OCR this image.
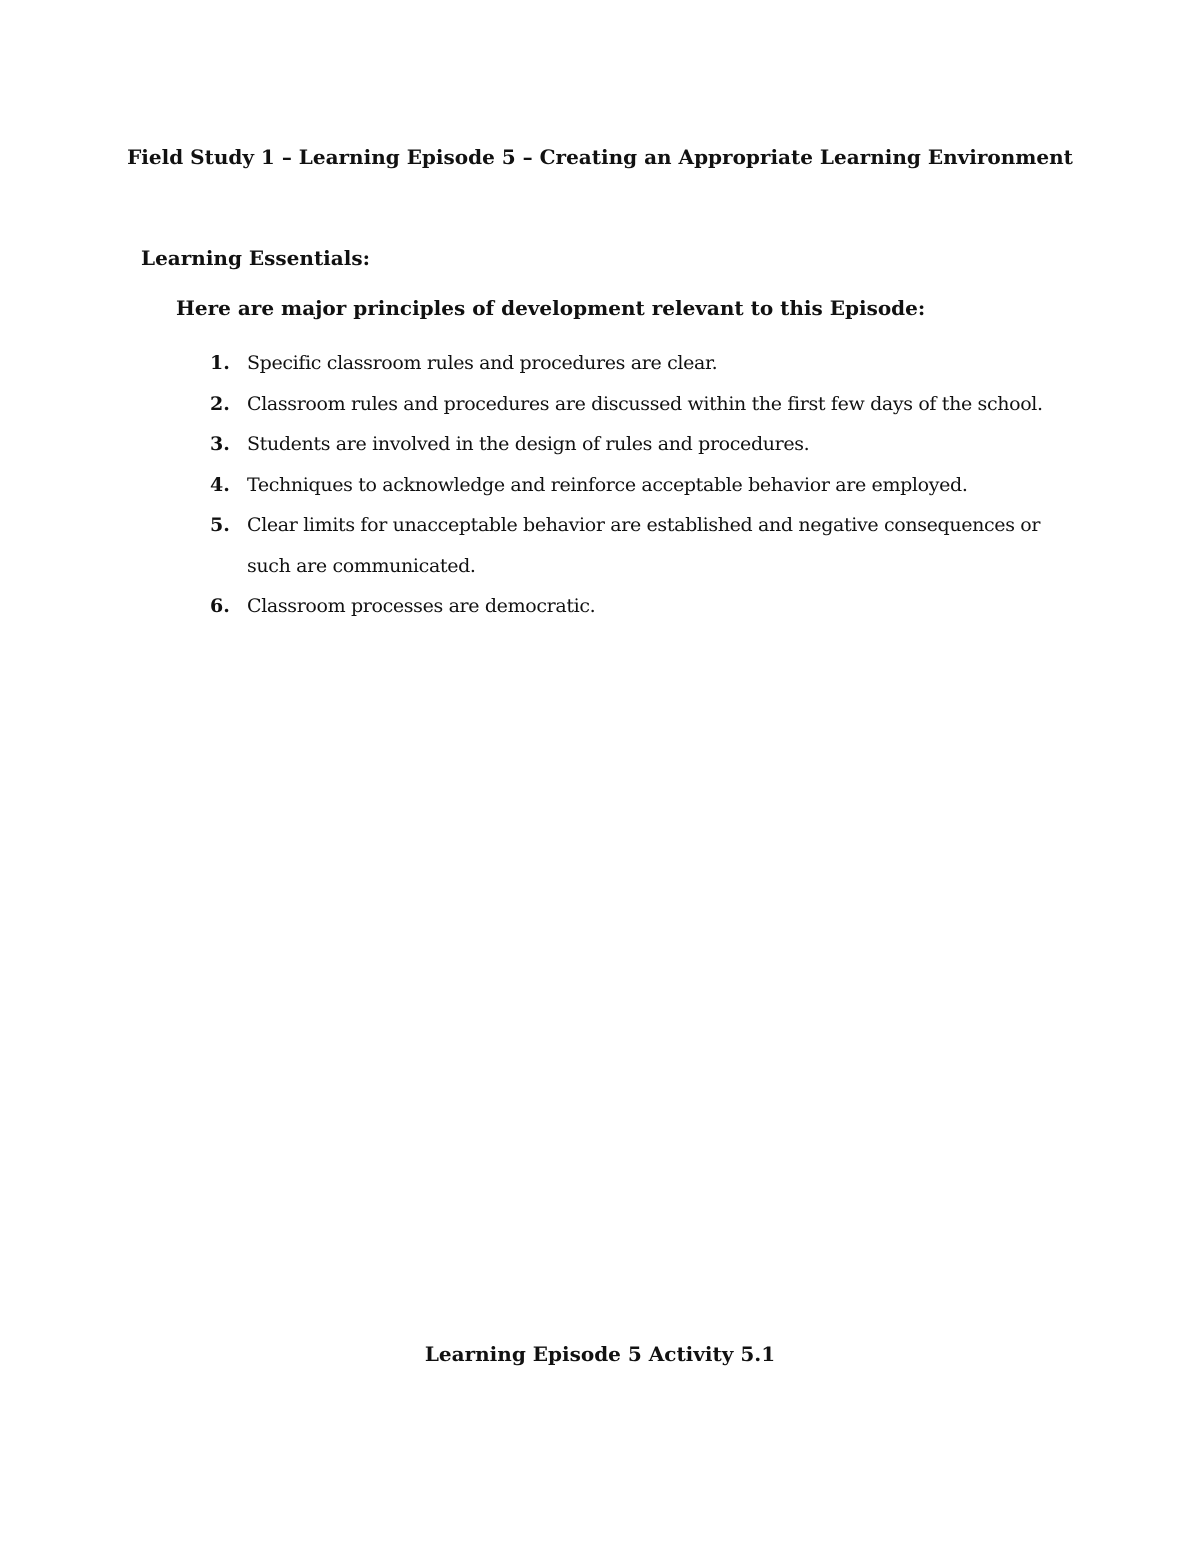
Field Study 1 – Learning Episode 5 – Creating an Appropriate Learning Environment
Learning Essentials:
Here are major principles of development relevant to this Episode:
1. Specific classroom rules and procedures are clear.
2. Classroom rules and procedures are discussed within the first few days of the school.
3. Students are involved in the design of rules and procedures.
4. Techniques to acknowledge and reinforce acceptable behavior are employed.
5. Clear limits for unacceptable behavior are established and negative consequences or such are communicated.
6. Classroom processes are democratic.
Learning Episode 5 Activity 5.1
